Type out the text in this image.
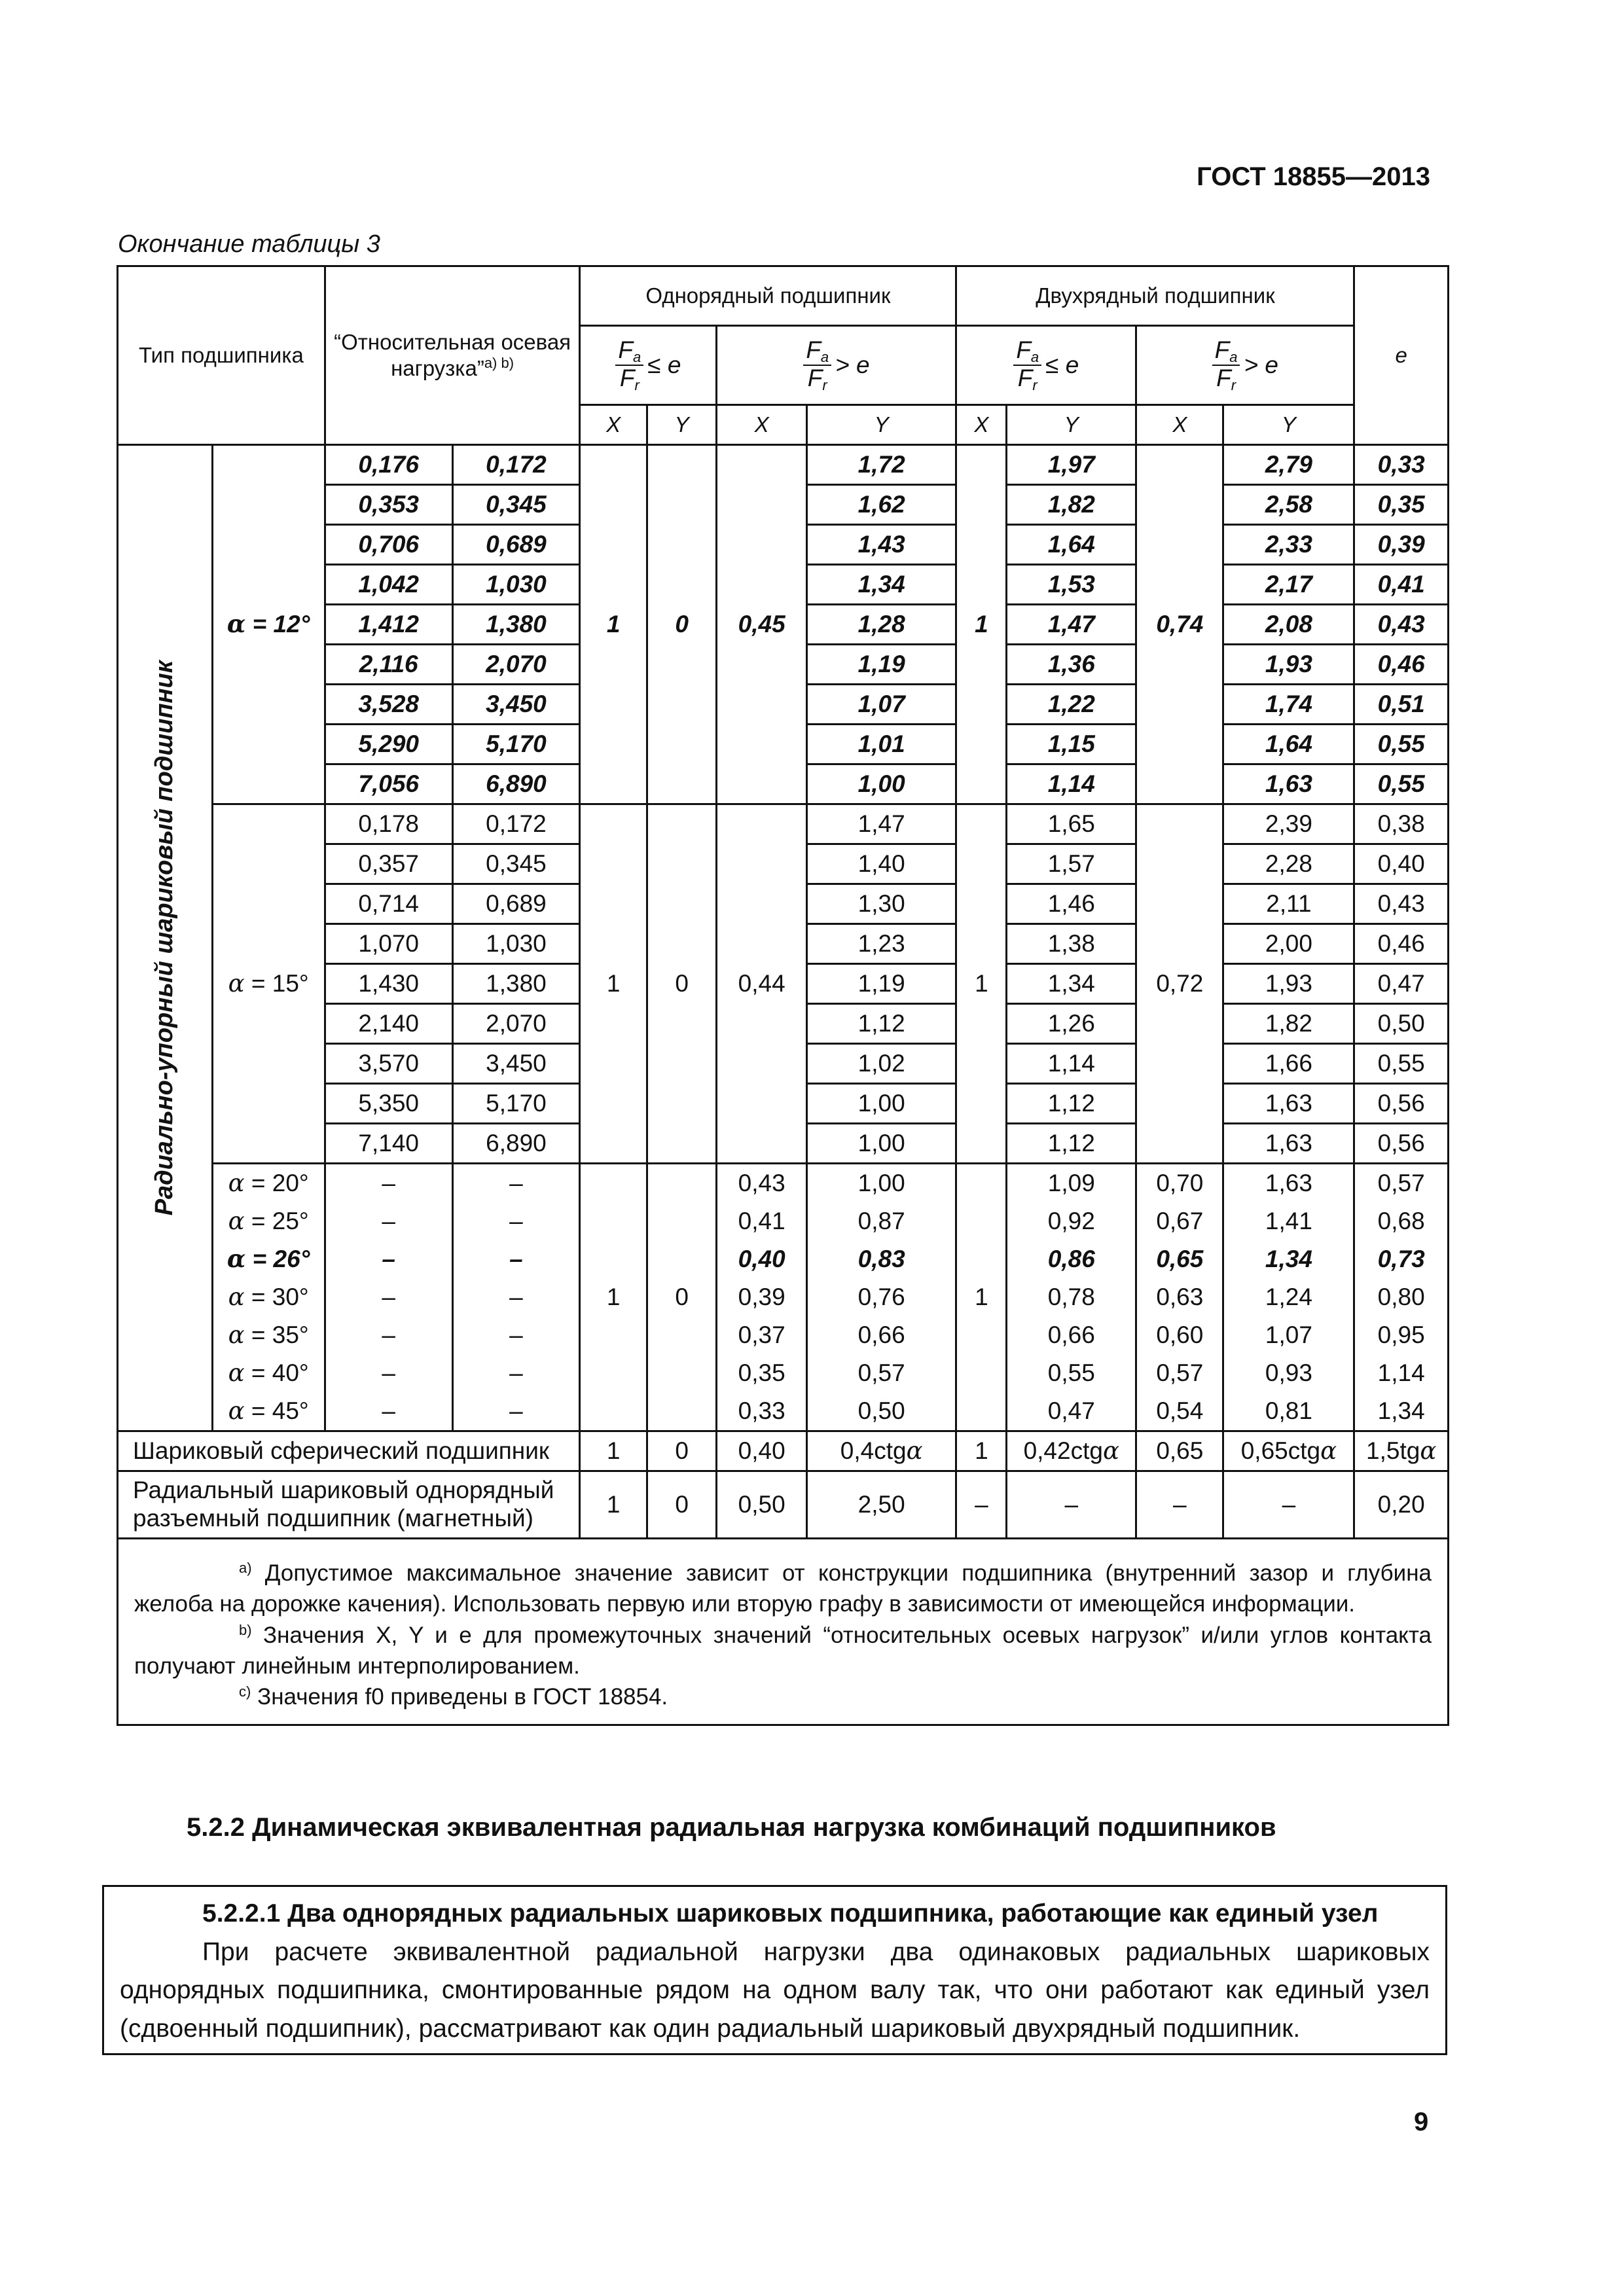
ГОСТ 18855—2013
Окончание таблицы 3
Тип подшипника		“Относительная осевая нагрузка”$^{а) b)}$		Однорядный подшипник				Двухрядный подшипник				e

				$\frac{F_a}{F_r} \le e$		$\frac{F_a}{F_r} > e$		$\frac{F_a}{F_r} \le e$		$\frac{F_a}{F_r} > e$		
				X	Y	X	Y	X	Y	X	Y	

Радиально-упорный шариковый подшипник	α = 12°	0,176	0,172	1	0	0,45	1,72	1	1,97	0,74	2,79	0,33
		0,353	0,345				1,62		1,82		2,58	0,35
		0,706	0,689				1,43		1,64		2,33	0,39
		1,042	1,030				1,34		1,53		2,17	0,41
		1,412	1,380				1,28		1,47		2,08	0,43
		2,116	2,070				1,19		1,36		1,93	0,46
		3,528	3,450				1,07		1,22		1,74	0,51
		5,290	5,170				1,01		1,15		1,64	0,55
		7,056	6,890				1,00		1,14		1,63	0,55
	α = 15°	0,178	0,172	1	0	0,44	1,47	1	1,65	0,72	2,39	0,38
		0,357	0,345				1,40		1,57		2,28	0,40
		0,714	0,689				1,30		1,46		2,11	0,43
		1,070	1,030				1,23		1,38		2,00	0,46
		1,430	1,380				1,19		1,34		1,93	0,47
		2,140	2,070				1,12		1,26		1,82	0,50
		3,570	3,450				1,02		1,14		1,66	0,55
		5,350	5,170				1,00		1,12		1,63	0,56
		7,140	6,890				1,00		1,12		1,63	0,56
	α = 20°	–	–	1	0	0,43	1,00	1	1,09	0,70	1,63	0,57
	α = 25°	–	–			0,41	0,87		0,92	0,67	1,41	0,68
	α = 26°	–	–			0,40	0,83		0,86	0,65	1,34	0,73
	α = 30°	–	–			0,39	0,76		0,78	0,63	1,24	0,80
	α = 35°	–	–			0,37	0,66		0,66	0,60	1,07	0,95
	α = 40°	–	–			0,35	0,57		0,55	0,57	0,93	1,14
	α = 45°	–	–			0,33	0,50		0,47	0,54	0,81	1,34
Шариковый сферический подшипник				1	0	0,40	0,4ctgα	1	0,42ctgα	0,65	0,65ctgα	1,5tgα
Радиальный шариковый однорядный разъемный подшипник (магнетный)				1	0	0,50	2,50	–	–	–	–	0,20

$^{а)}$ Допустимое максимальное значение зависит от конструкции подшипника (внутренний зазор и глубина желоба на дорожке качения). Использовать первую или вторую графу в зависимости от имеющейся информации.

$^{b)}$ Значения X, Y и e для промежуточных значений “относительных осевых нагрузок” и/или углов контакта получают линейным интерполированием.

$^{c)}$ Значения f0 приведены в ГОСТ 18854.												

5.2.2 Динамическая эквивалентная радиальная нагрузка комбинаций подшипников

5.2.2.1 Два однорядных радиальных шариковых подшипника, работающие как единый узел

При расчете эквивалентной радиальной нагрузки два одинаковых радиальных шариковых однорядных подшипника, смонтированные рядом на одном валу так, что они работают как единый узел (сдвоенный подшипник), рассматривают как один радиальный шариковый двухрядный подшипник.

9
